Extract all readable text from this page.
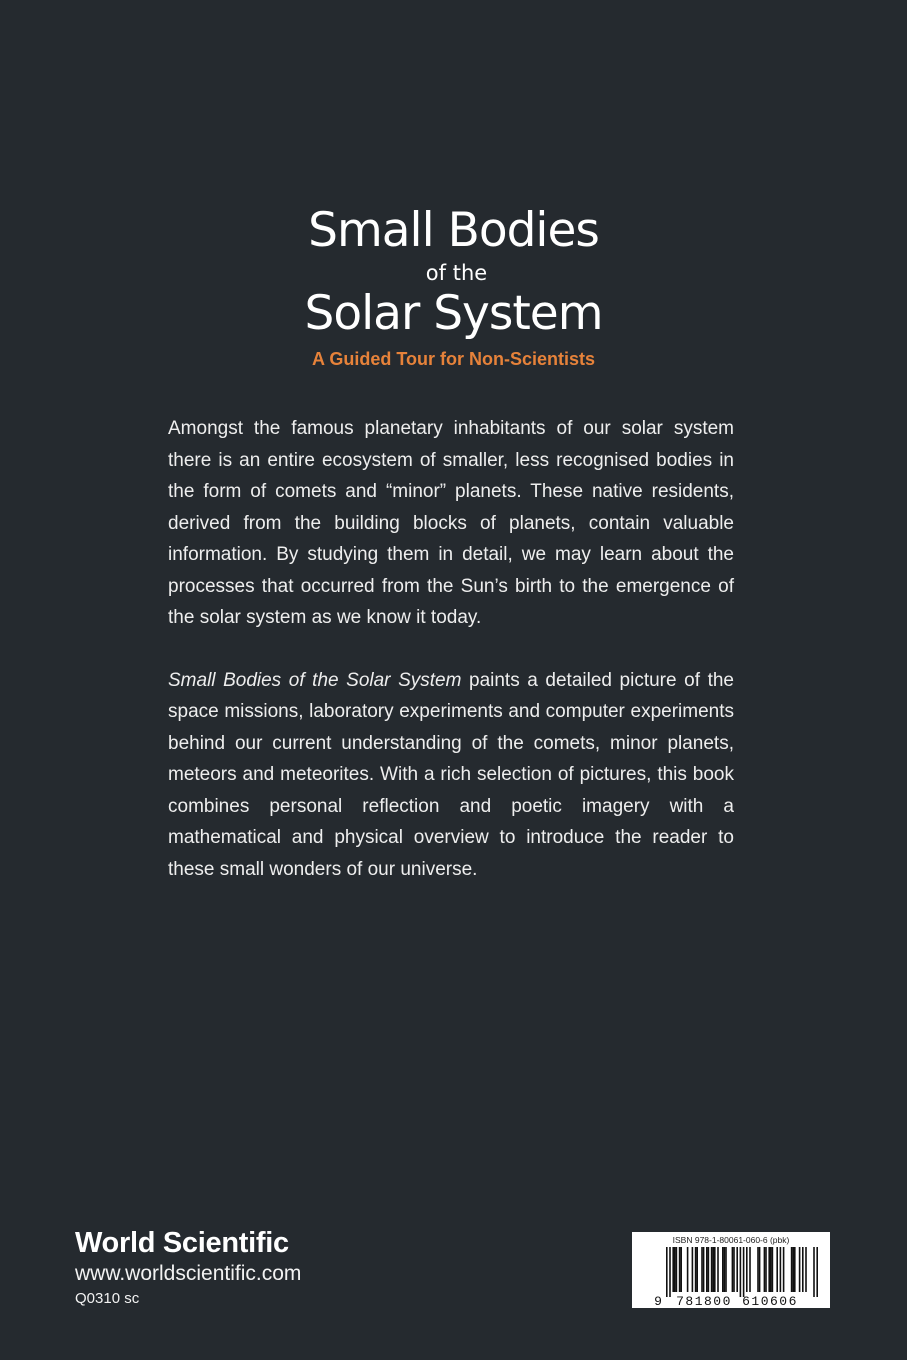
Small Bodies
of the
Solar System
A Guided Tour for Non-Scientists

Amongst the famous planetary inhabitants of our solar system there is an entire ecosystem of smaller, less recognised bodies in the form of comets and “minor” planets. These native residents, derived from the building blocks of planets, contain valuable information. By studying them in detail, we may learn about the processes that occurred from the Sun’s birth to the emergence of the solar system as we know it today.

Small Bodies of the Solar System paints a detailed picture of the space missions, laboratory experiments and computer experiments behind our current understanding of the comets, minor planets, meteors and meteorites. With a rich selection of pictures, this book combines personal reflection and poetic imagery with a mathematical and physical overview to introduce the reader to these small wonders of our universe.

World Scientific
www.worldscientific.com
Q0310 sc
ISBN 978-1-80061-060-6 (pbk)
9 781800 610606
